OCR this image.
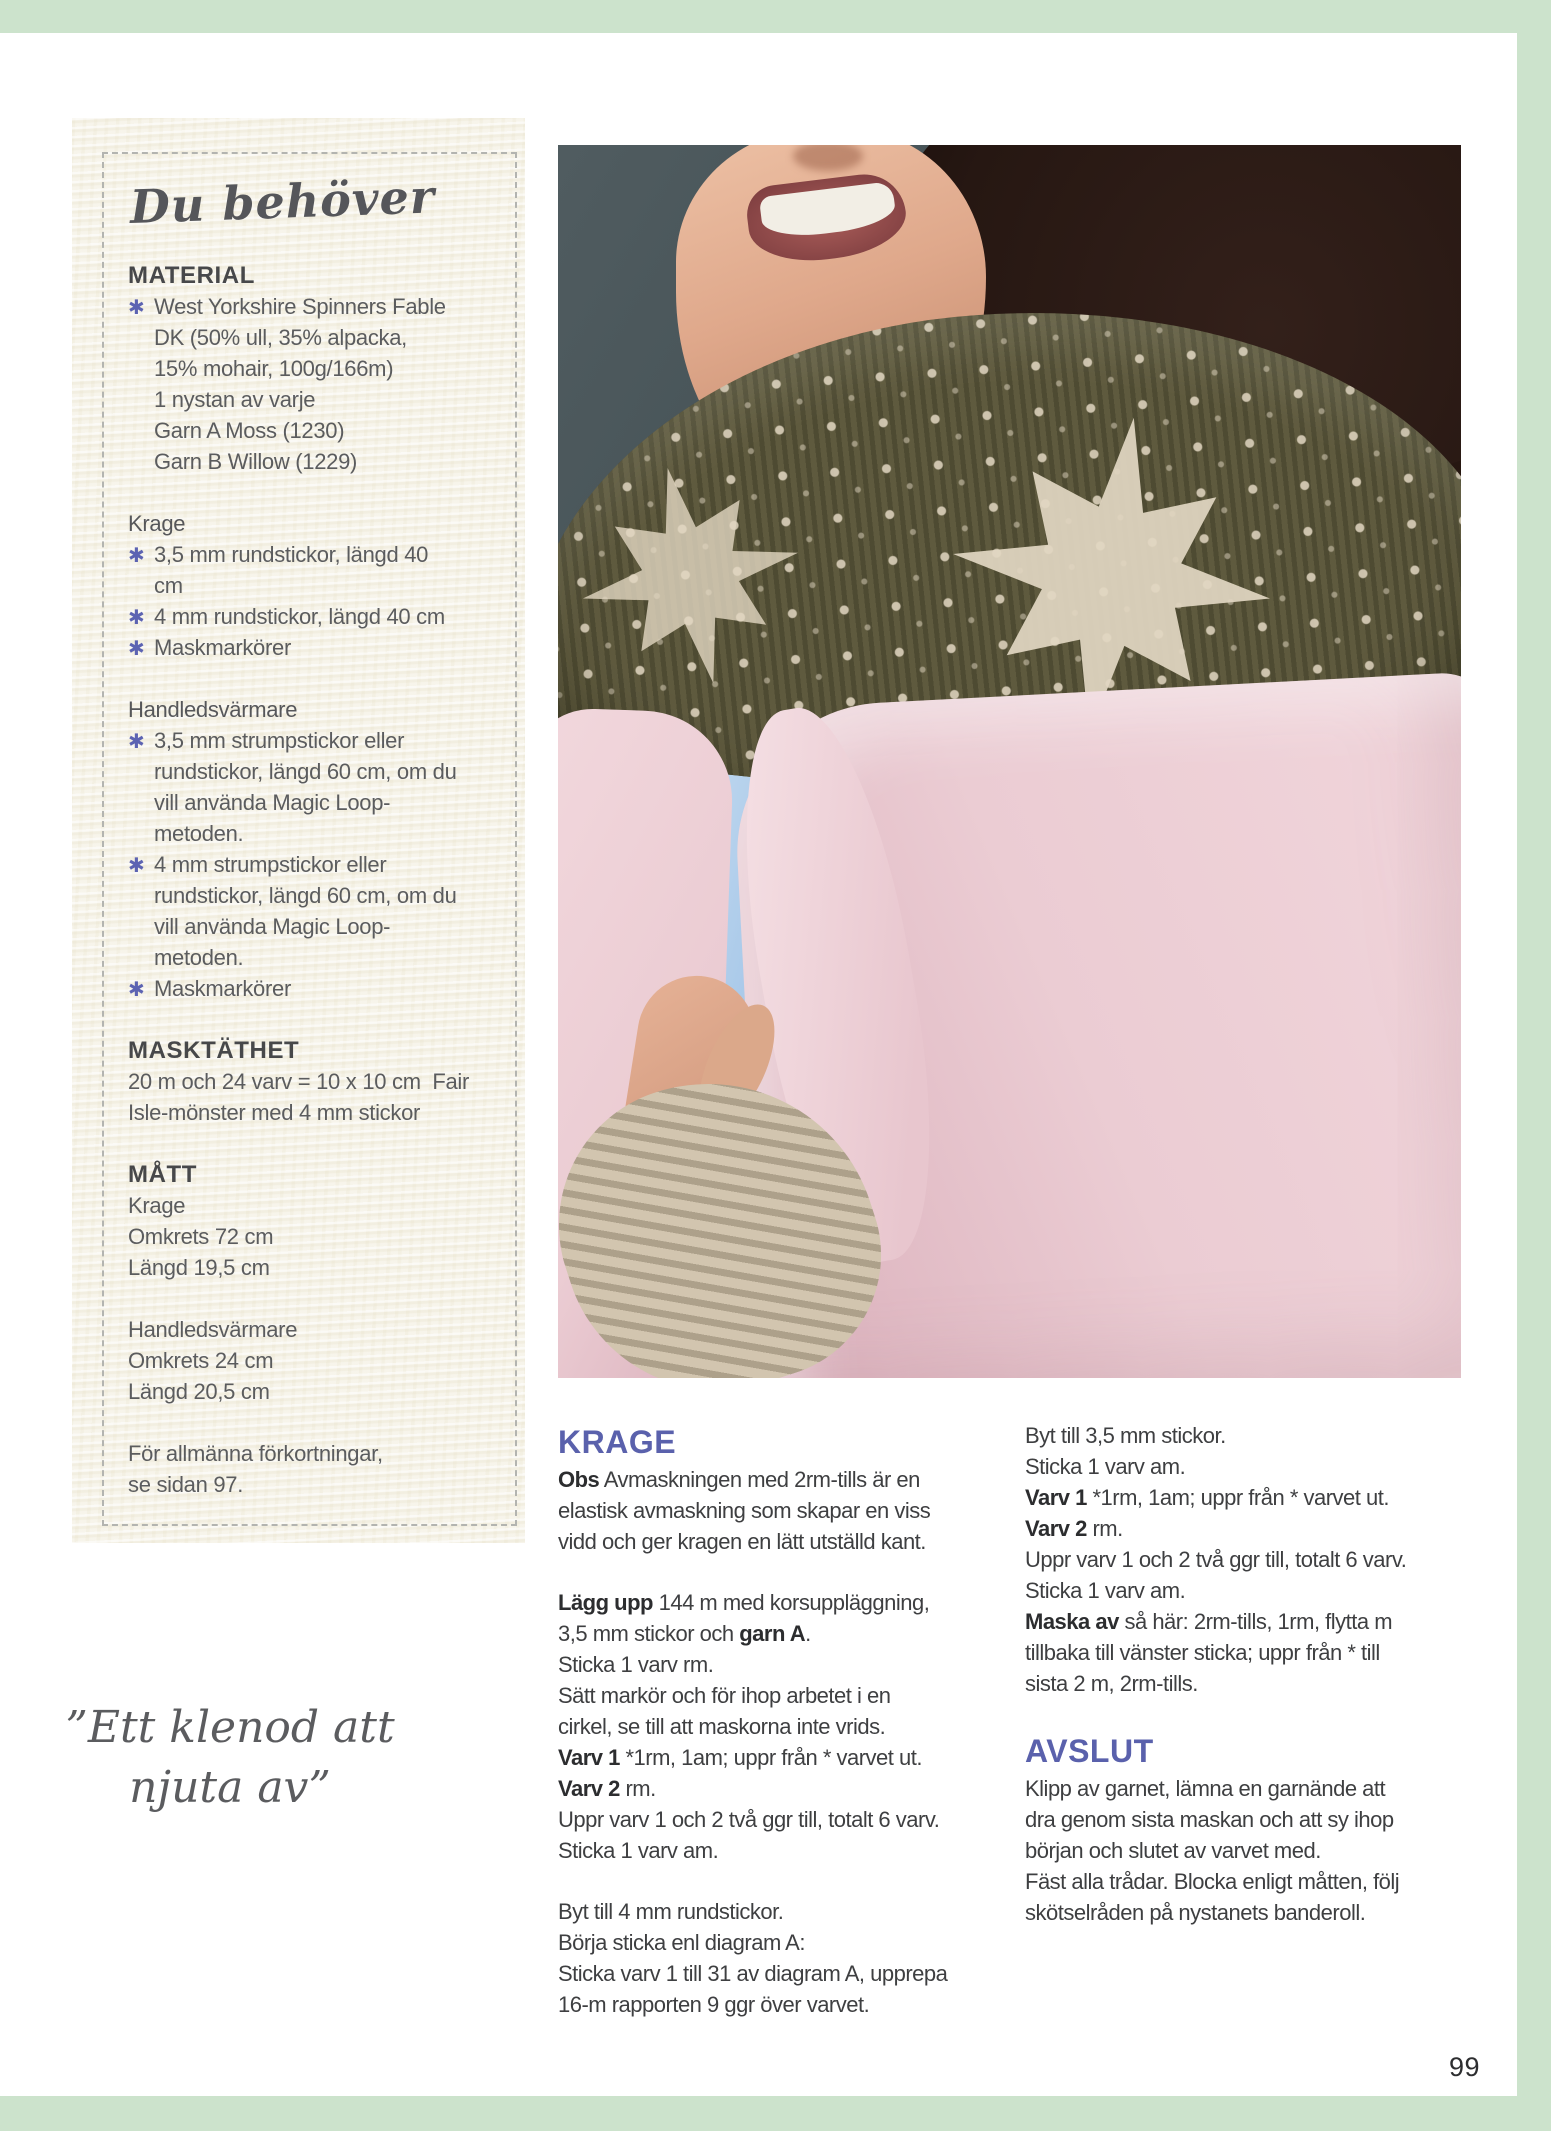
Du behöver
MATERIAL
✱ West Yorkshire Spinners Fable
DK (50% ull, 35% alpacka,
15% mohair, 100g/166m)
1 nystan av varje
Garn A Moss (1230)
Garn B Willow (1229)
Krage
✱ 3,5 mm rundstickor, längd 40
cm
✱ 4 mm rundstickor, längd 40 cm
✱ Maskmarkörer
Handledsvärmare
✱ 3,5 mm strumpstickor eller
rundstickor, längd 60 cm, om du
vill använda Magic Loop-
metoden.
✱ 4 mm strumpstickor eller
rundstickor, längd 60 cm, om du
vill använda Magic Loop-
metoden.
✱ Maskmarkörer
MASKTÄTHET
20 m och 24 varv = 10 x 10 cm  Fair
Isle-mönster med 4 mm stickor
MÅTT
Krage
Omkrets 72 cm
Längd 19,5 cm
Handledsvärmare
Omkrets 24 cm
Längd 20,5 cm
För allmänna förkortningar,
se sidan 97.
”Ett klenod att
njuta av”
KRAGE
Obs Avmaskningen med 2rm-tills är en
elastisk avmaskning som skapar en viss
vidd och ger kragen en lätt utställd kant.
Lägg upp 144 m med korsuppläggning,
3,5 mm stickor och garn A.
Sticka 1 varv rm.
Sätt markör och för ihop arbetet i en
cirkel, se till att maskorna inte vrids.
Varv 1 *1rm, 1am; uppr från * varvet ut.
Varv 2 rm.
Uppr varv 1 och 2 två ggr till, totalt 6 varv.
Sticka 1 varv am.
Byt till 4 mm rundstickor.
Börja sticka enl diagram A:
Sticka varv 1 till 31 av diagram A, upprepa
16-m rapporten 9 ggr över varvet.
Byt till 3,5 mm stickor.
Sticka 1 varv am.
Varv 1 *1rm, 1am; uppr från * varvet ut.
Varv 2 rm.
Uppr varv 1 och 2 två ggr till, totalt 6 varv.
Sticka 1 varv am.
Maska av så här: 2rm-tills, 1rm, flytta m
tillbaka till vänster sticka; uppr från * till
sista 2 m, 2rm-tills.
AVSLUT
Klipp av garnet, lämna en garnände att
dra genom sista maskan och att sy ihop
början och slutet av varvet med.
Fäst alla trådar. Blocka enligt måtten, följ
skötselråden på nystanets banderoll.
99
